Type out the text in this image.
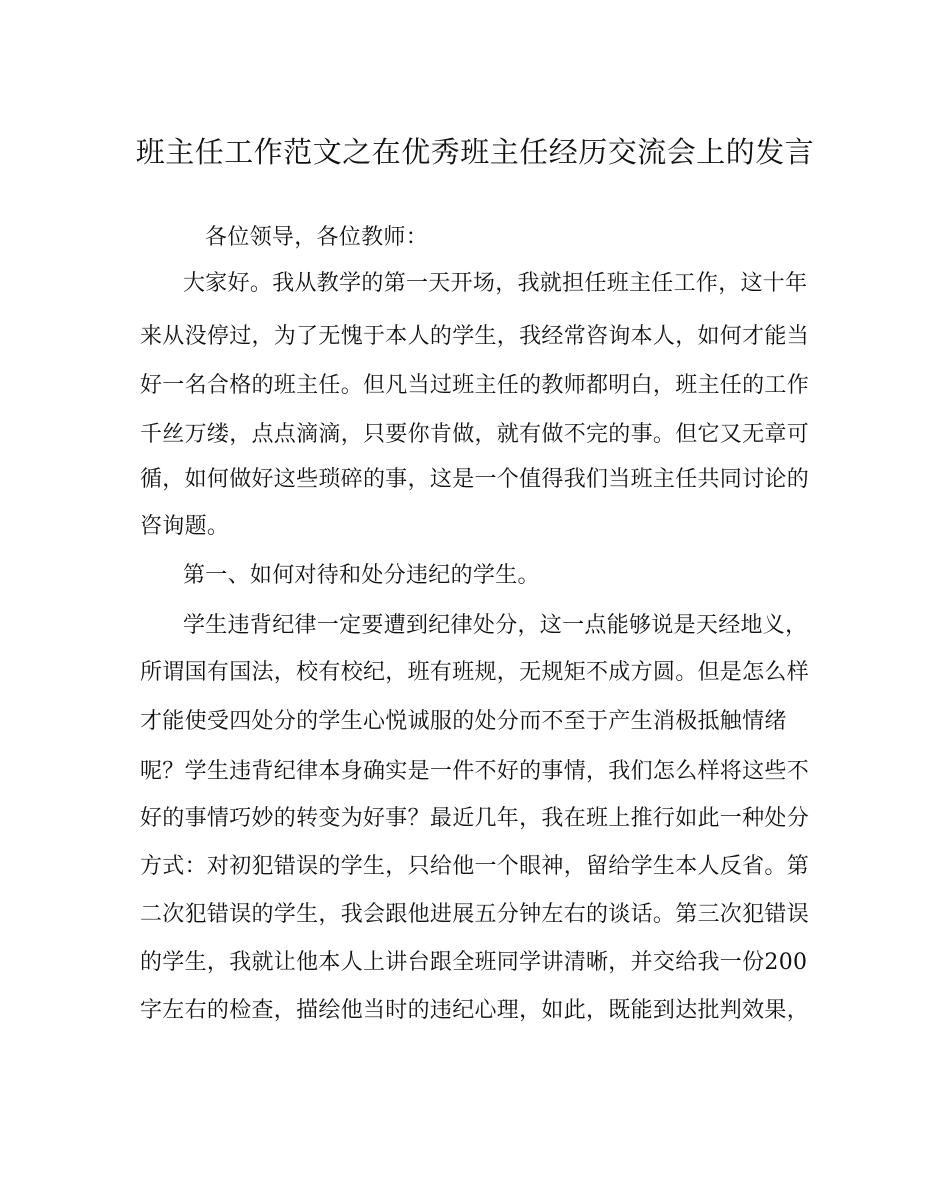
班主任工作范文之在优秀班主任经历交流会上的发言

各位领导，各位教师：

大家好。我从教学的第一天开场，我就担任班主任工作，这十年

来从没停过，为了无愧于本人的学生，我经常咨询本人，如何才能当

好一名合格的班主任。但凡当过班主任的教师都明白，班主任的工作

千丝万缕，点点滴滴，只要你肯做，就有做不完的事。但它又无章可

循，如何做好这些琐碎的事，这是一个值得我们当班主任共同讨论的

咨询题。

第一、如何对待和处分违纪的学生。

学生违背纪律一定要遭到纪律处分，这一点能够说是天经地义，

所谓国有国法，校有校纪，班有班规，无规矩不成方圆。但是怎么样

才能使受四处分的学生心悦诚服的处分而不至于产生消极抵触情绪

呢？学生违背纪律本身确实是一件不好的事情，我们怎么样将这些不

好的事情巧妙的转变为好事？最近几年，我在班上推行如此一种处分

方式：对初犯错误的学生，只给他一个眼神，留给学生本人反省。第

二次犯错误的学生，我会跟他进展五分钟左右的谈话。第三次犯错误

的学生，我就让他本人上讲台跟全班同学讲清晰，并交给我一份200

字左右的检查，描绘他当时的违纪心理，如此，既能到达批判效果，
